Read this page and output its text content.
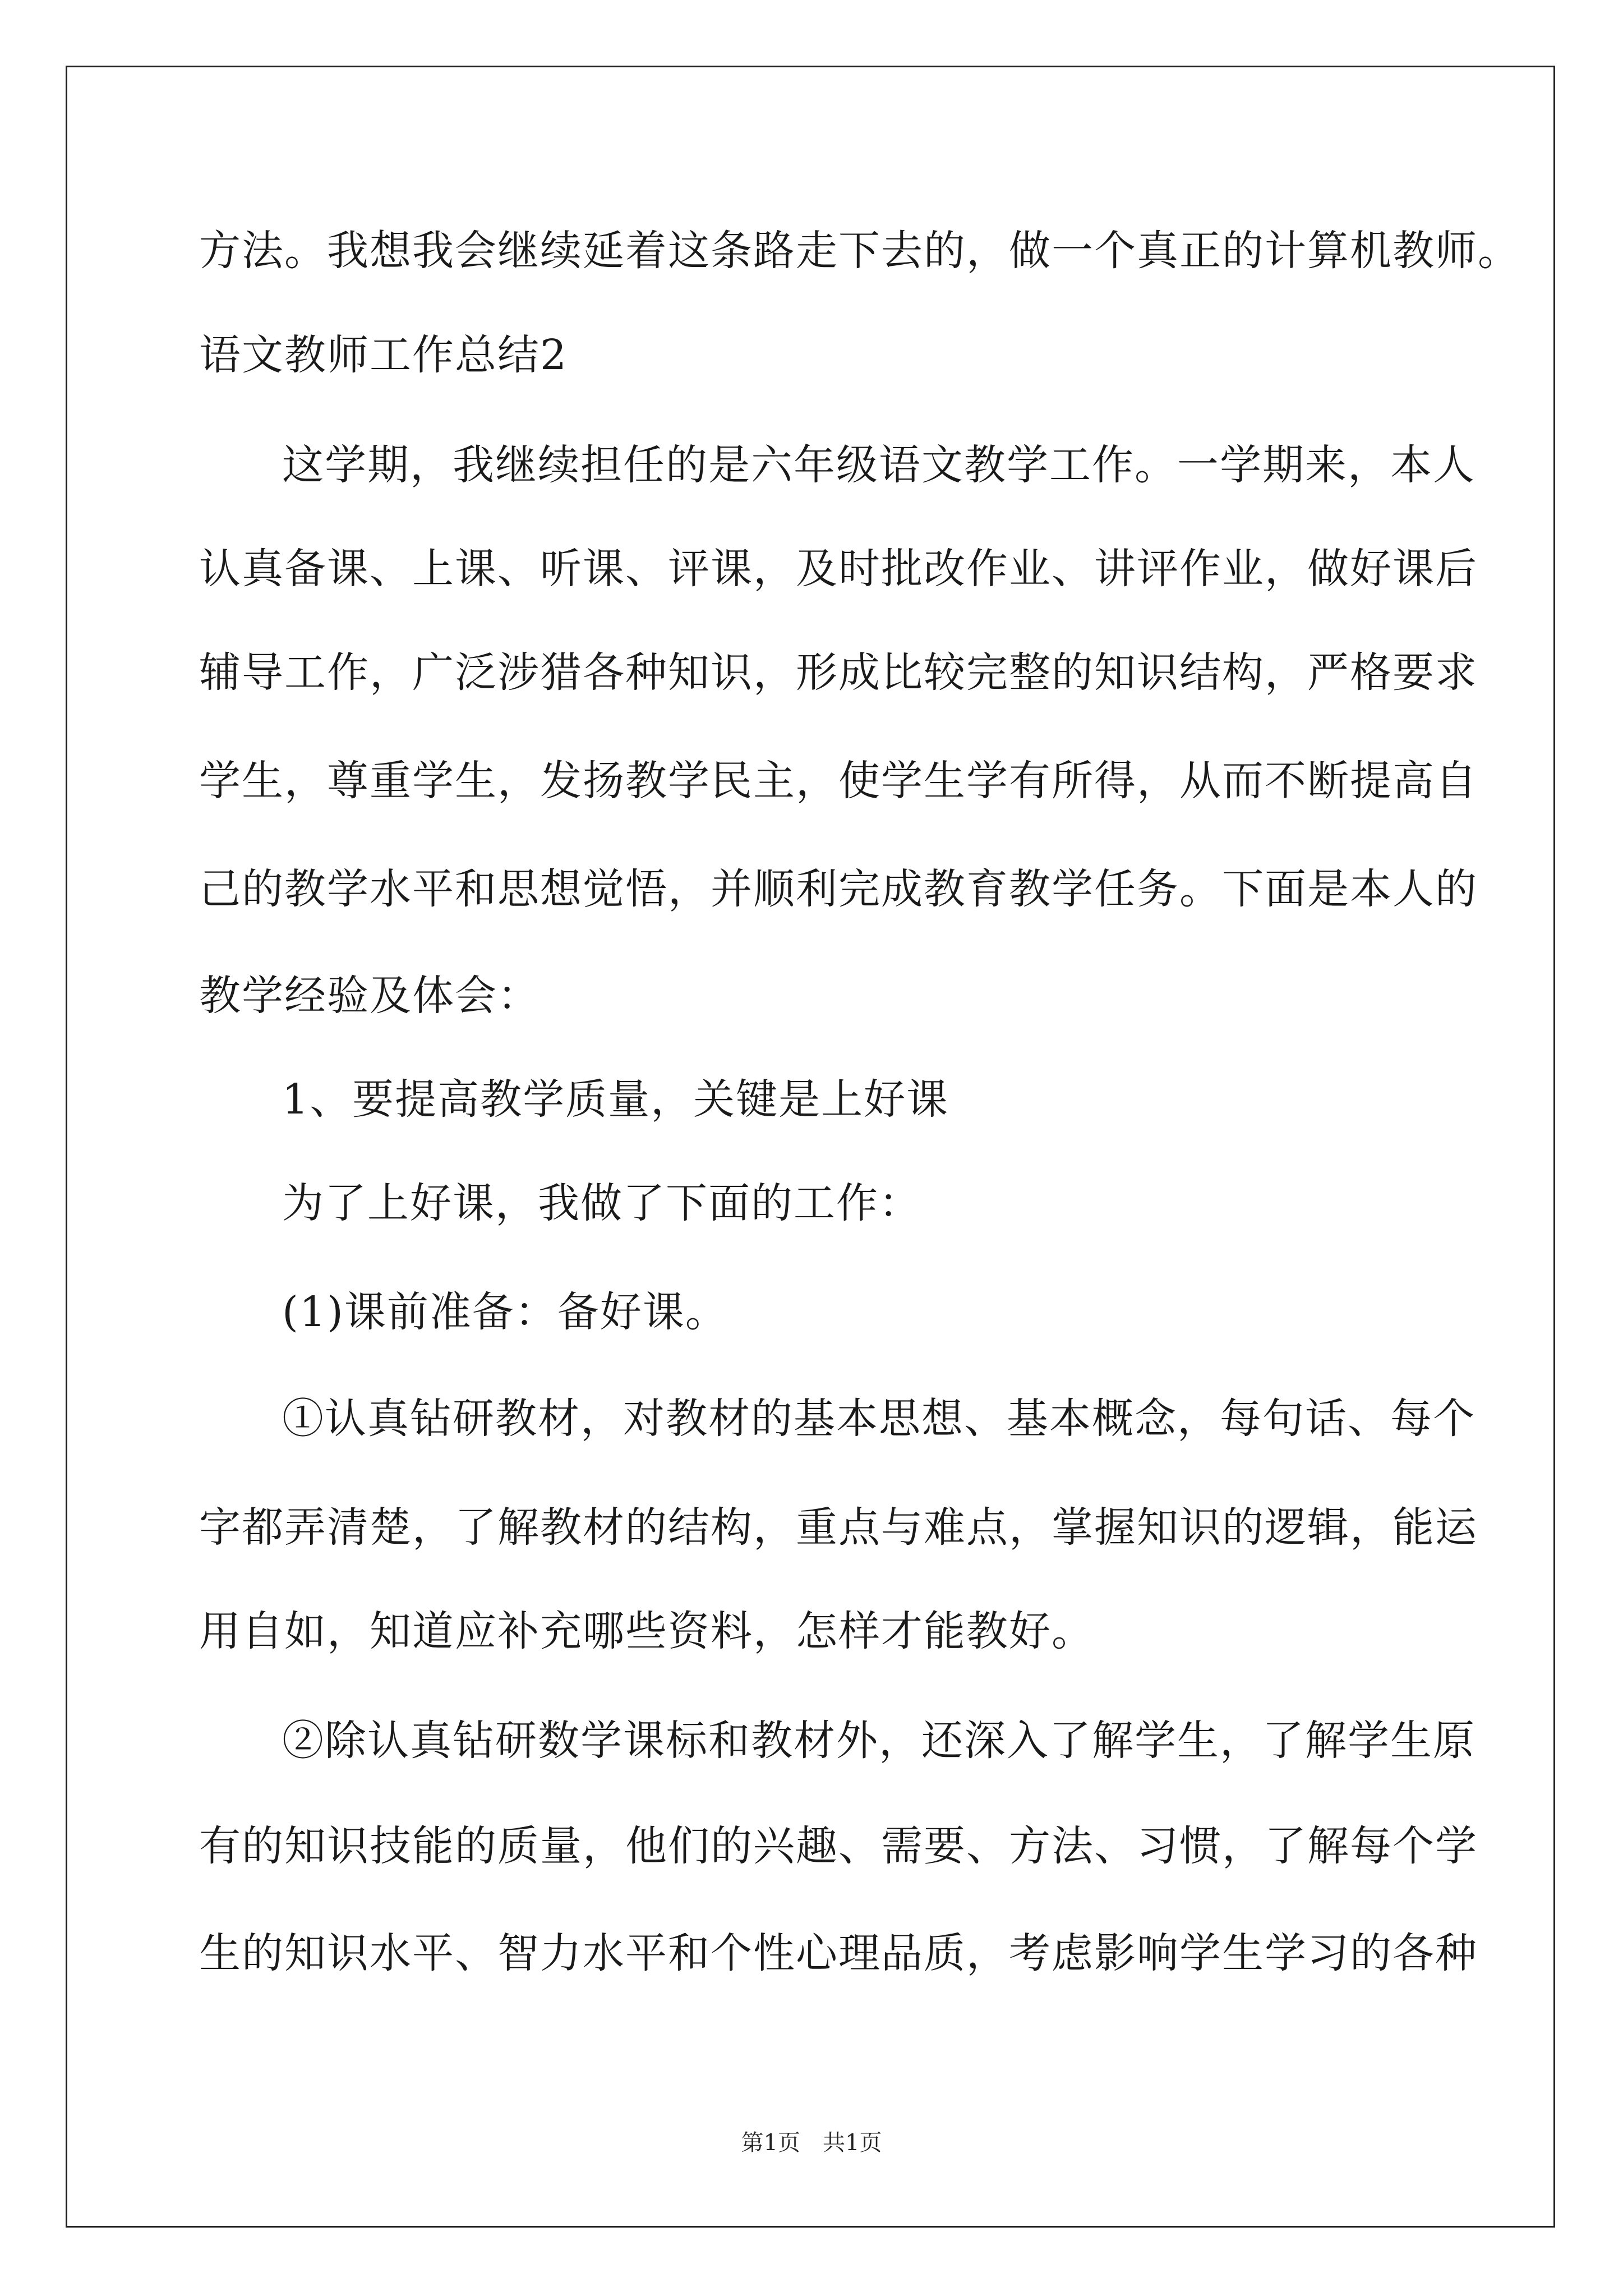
方法。我想我会继续延着这条路走下去的，做一个真正的计算机教师。
语文教师工作总结2
这学期，我继续担任的是六年级语文教学工作。一学期来，本人
认真备课、上课、听课、评课，及时批改作业、讲评作业，做好课后
辅导工作，广泛涉猎各种知识，形成比较完整的知识结构，严格要求
学生，尊重学生，发扬教学民主，使学生学有所得，从而不断提高自
己的教学水平和思想觉悟，并顺利完成教育教学任务。下面是本人的
教学经验及体会：
1、要提高教学质量，关键是上好课
为了上好课，我做了下面的工作：
(1)课前准备：备好课。
①认真钻研教材，对教材的基本思想、基本概念，每句话、每个
字都弄清楚，了解教材的结构，重点与难点，掌握知识的逻辑，能运
用自如，知道应补充哪些资料，怎样才能教好。
②除认真钻研数学课标和教材外，还深入了解学生，了解学生原
有的知识技能的质量，他们的兴趣、需要、方法、习惯，了解每个学
生的知识水平、智力水平和个性心理品质，考虑影响学生学习的各种
第1页 共1页
